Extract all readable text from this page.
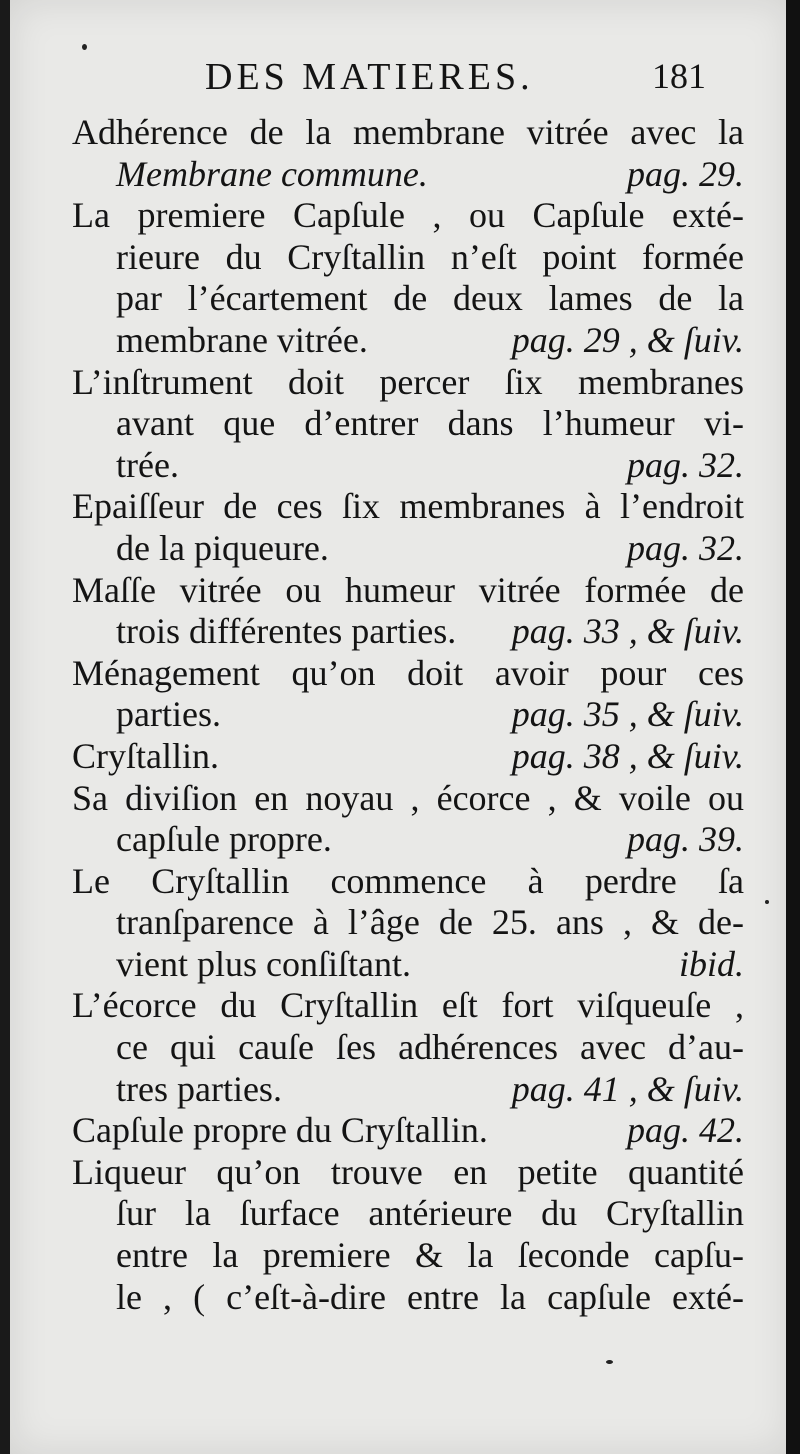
DES MATIERES.	181
Adhérence de la membrane vitrée avec la
Membrane commune.	pag. 29.
La premiere Capſule , ou Capſule exté-
rieure du Cryſtallin n’eſt point formée
par l’écartement de deux lames de la
membrane vitrée.	pag. 29 , & ſuiv.
L’inſtrument doit percer ſix membranes
avant que d’entrer dans l’humeur vi-
trée.	pag. 32.
Epaiſſeur de ces ſix membranes à l’endroit
de la piqueure.	pag. 32.
Maſſe vitrée ou humeur vitrée formée de
trois différentes parties. pag. 33 , & ſuiv.
Ménagement qu’on doit avoir pour ces
parties.	pag. 35 , & ſuiv.
Cryſtallin.	pag. 38 , & ſuiv.
Sa diviſion en noyau , écorce , & voile ou
capſule propre.	pag. 39.
Le Cryſtallin commence à perdre ſa
tranſparence à l’âge de 25. ans , & de-
vient plus conſiſtant.	ibid.
L’écorce du Cryſtallin eſt fort viſqueuſe ,
ce qui cauſe ſes adhérences avec d’au-
tres parties.	pag. 41 , & ſuiv.
Capſule propre du Cryſtallin.	pag. 42.
Liqueur qu’on trouve en petite quantité
ſur la ſurface antérieure du Cryſtallin
entre la premiere & la ſeconde capſu-
le , ( c’eſt-à-dire entre la capſule exté-
